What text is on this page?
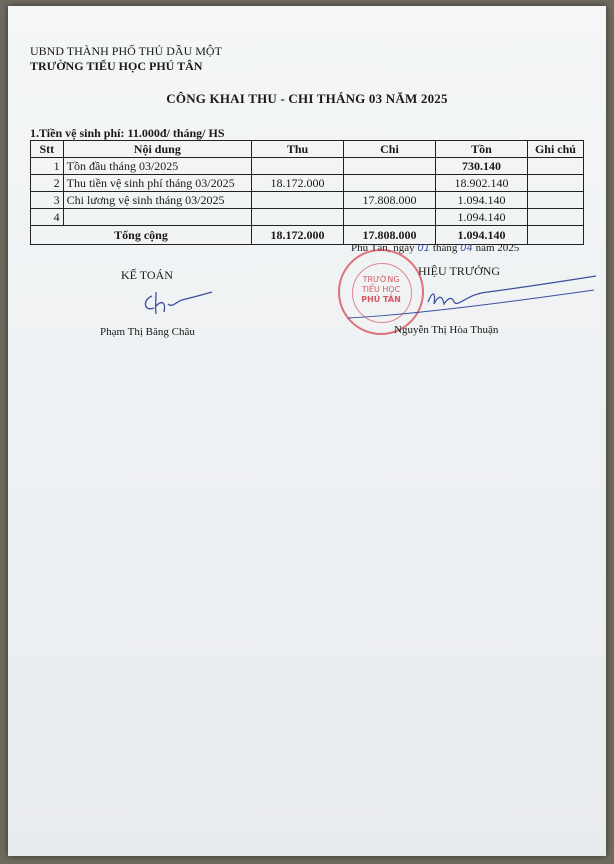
UBND THÀNH PHỐ THỦ DẦU MỘT
TRƯỜNG TIỂU HỌC PHÚ TÂN
CÔNG KHAI THU - CHI THÁNG 03 NĂM 2025
1.Tiền vệ sinh phí: 11.000đ/ tháng/ HS
Stt	Nội dung	Thu	Chi	Tồn	Ghi chú
1	Tồn đầu tháng 03/2025			730.140	
2	Thu tiền vệ sinh phí tháng 03/2025	18.172.000		18.902.140	
3	Chi lương vệ sinh tháng 03/2025		17.808.000	1.094.140	
4				1.094.140	
Tổng cộng		18.172.000	17.808.000	1.094.140	
Phú Tân, ngày 01 tháng 04 năm 2025
KẾ TOÁN	HIỆU TRƯỞNG
TRƯỜNG
TIỂU HỌC
PHÚ TÂN
Phạm Thị Băng Châu	Nguyễn Thị Hòa Thuận
